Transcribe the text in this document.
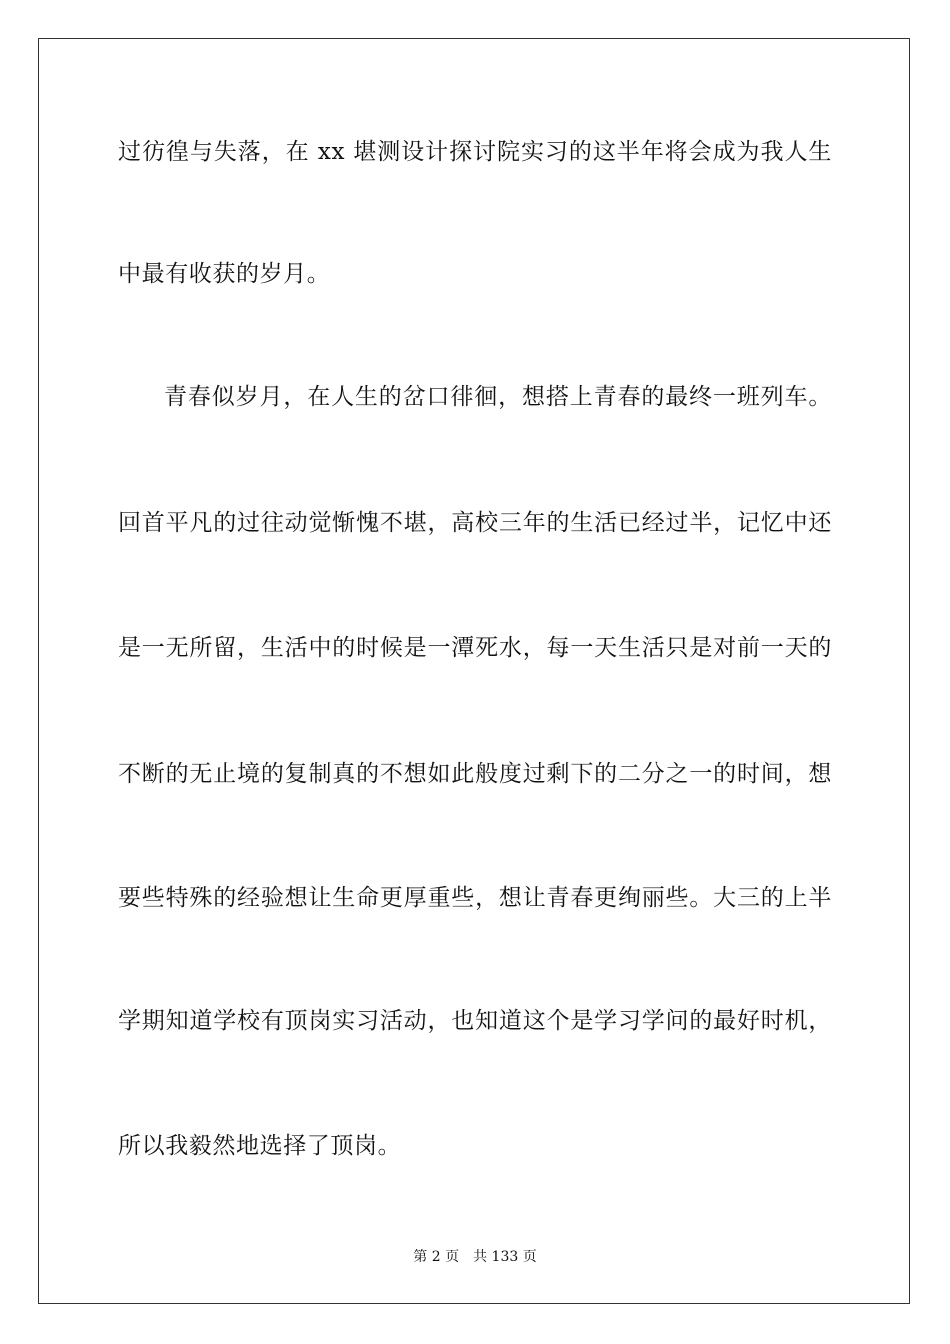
过彷徨与失落，在 xx 堪测设计探讨院实习的这半年将会成为我人生
中最有收获的岁月。
青春似岁月，在人生的岔口徘徊，想搭上青春的最终一班列车。
回首平凡的过往动觉惭愧不堪，高校三年的生活已经过半，记忆中还
是一无所留，生活中的时候是一潭死水，每一天生活只是对前一天的
不断的无止境的复制真的不想如此般度过剩下的二分之一的时间，想
要些特殊的经验想让生命更厚重些，想让青春更绚丽些。大三的上半
学期知道学校有顶岗实习活动，也知道这个是学习学问的最好时机，
所以我毅然地选择了顶岗。
第 2 页 共 133 页
